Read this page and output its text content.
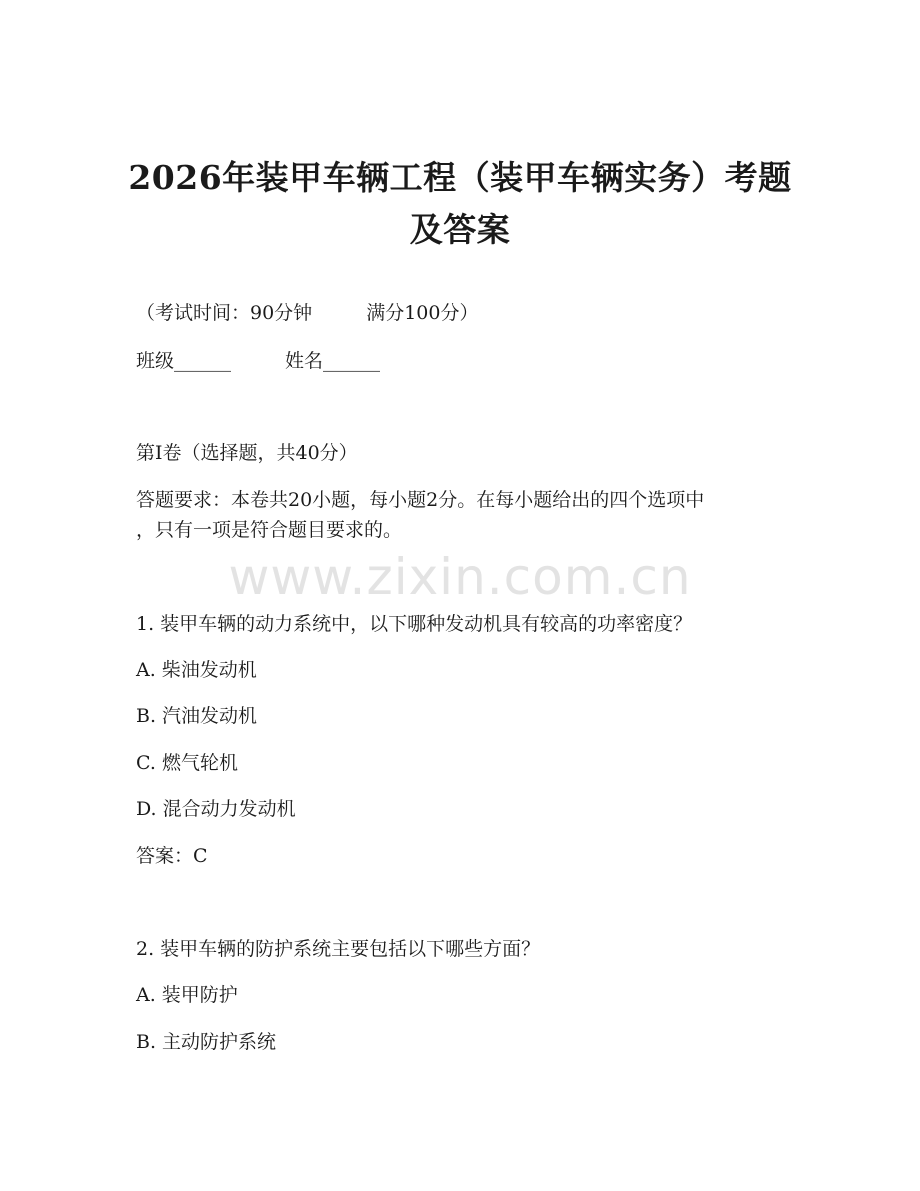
2026年装甲车辆工程（装甲车辆实务）考题
及答案
（考试时间：90分钟	满分100分）
班级______	姓名______
第I卷（选择题，共40分）
答题要求：本卷共20小题，每小题2分。在每小题给出的四个选项中
，只有一项是符合题目要求的。
www.zixin.com.cn
1. 装甲车辆的动力系统中，以下哪种发动机具有较高的功率密度？
A. 柴油发动机
B. 汽油发动机
C. 燃气轮机
D. 混合动力发动机
答案：C
2. 装甲车辆的防护系统主要包括以下哪些方面？
A. 装甲防护
B. 主动防护系统
